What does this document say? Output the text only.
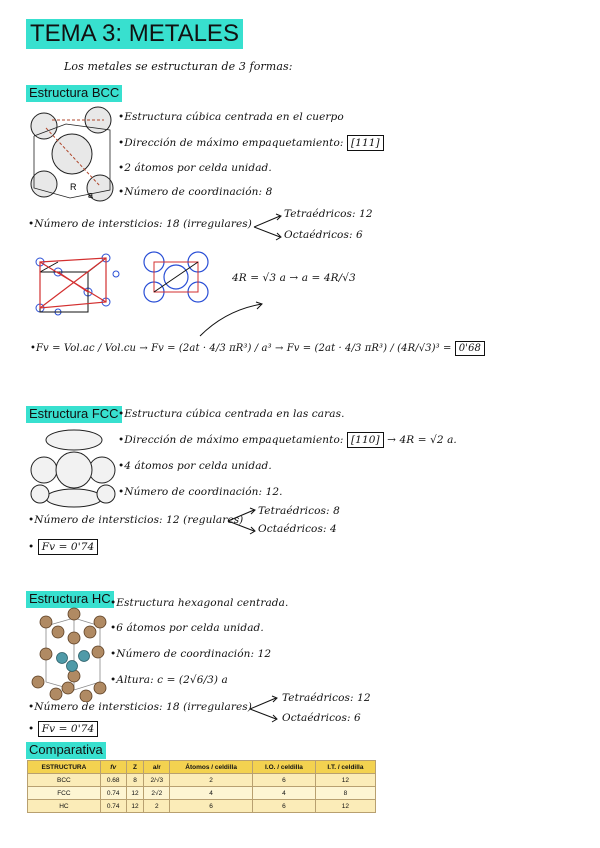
TEMA 3: METALES
Los metales se estructuran de 3 formas:
Estructura BCC
R
a
•Estructura cúbica centrada en el cuerpo
•Dirección de máximo empaquetamiento: [111]
•2 átomos por celda unidad.
•Número de coordinación: 8
•Número de intersticios: 18 (irregulares)
Tetraédricos: 12
Octaédricos: 6
4R = √3 a → a = 4R/√3
•Fv = Vol.ac / Vol.cu → Fv = (2at · 4/3 πR³) / a³ → Fv = (2at · 4/3 πR³) / (4R/√3)³ = 0'68
Estructura FCC •Estructura cúbica centrada en las caras.
•Dirección de máximo empaquetamiento: [110] → 4R = √2 a.
•4 átomos por celda unidad.
•Número de coordinación: 12.
•Número de intersticios: 12 (regulares)
Tetraédricos: 8
Octaédricos: 4
• Fv = 0'74
Estructura HC •Estructura hexagonal centrada.
•6 átomos por celda unidad.
•Número de coordinación: 12
•Altura: c = (2√6/3) a
•Número de intersticios: 18 (irregulares)
Tetraédricos: 12
Octaédricos: 6
• Fv = 0'74
Comparativa
ESTRUCTURA	fv	Z	a/r	Átomos / celdilla	I.O. / celdilla	I.T. / celdilla
BCC	0.68	8	2/√3	2	6	12
FCC	0.74	12	2√2	4	4	8
HC	0.74	12	2	6	6	12
